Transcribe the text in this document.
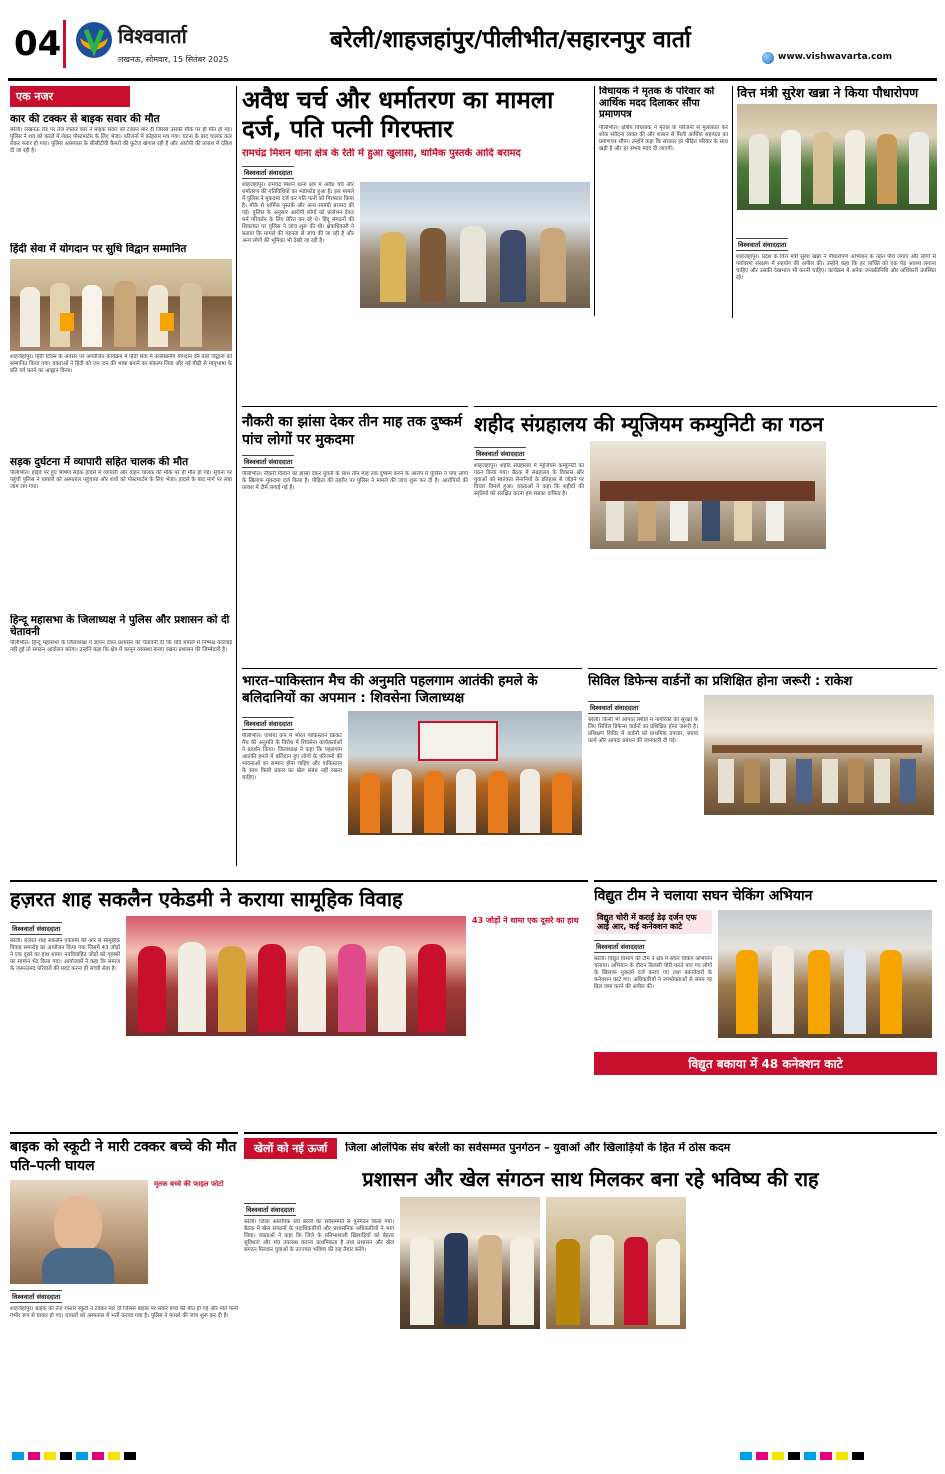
04	विश्ववार्ता
लखनऊ, सोमवार, 15 सितंबर 2025
बरेली/शाहजहांपुर/पीलीभीत/सहारनपुर वार्ता
www.vishwavarta.com
एक नजर
कार की टक्कर से बाइक सवार की मौत
बरेली। लखनऊ रोड पर तेज रफ्तार कार ने बाइक सवार को टक्कर मार दी जिससे उसकी मौके पर ही मौत हो गई। पुलिस ने शव को कब्जे में लेकर पोस्टमार्टम के लिए भेजा। परिजनों में कोहराम मच गया। घटना के बाद चालक कार लेकर फरार हो गया। पुलिस आसपास के सीसीटीवी कैमरों की फुटेज खंगाल रही है और आरोपी की तलाश में दबिश दी जा रही है।
हिंदी सेवा में योगदान पर सुधि विद्वान सम्मानित
शाहजहांपुर। हिंदी दिवस के अवसर पर आयोजित कार्यक्रम में हिंदी सेवा में उल्लेखनीय योगदान देने वाले विद्वानों को सम्मानित किया गया। वक्ताओं ने हिंदी को जन जन की भाषा बनाने का संकल्प लिया और नई पीढ़ी से मातृभाषा के प्रति गर्व करने का आह्वान किया।
सड़क दुर्घटना में व्यापारी सहित चालक की मौत
पीलीभीत। हाईवे पर हुए भीषण सड़क हादसे में व्यापारी और वाहन चालक की मौके पर ही मौत हो गई। सूचना पर पहुंची पुलिस ने घायलों को अस्पताल पहुंचाया और शवों को पोस्टमार्टम के लिए भेजा। हादसे के बाद मार्ग पर लंबा जाम लग गया।
हिन्दू महासभा के जिलाध्यक्ष ने पुलिस और प्रशासन को दी चेतावनी
पीलीभीत। हिन्दू महासभा के जिलाध्यक्ष ने ज्ञापन देकर प्रशासन को चेतावनी दी कि यदि मामले में निष्पक्ष कार्रवाई नहीं हुई तो संगठन आंदोलन करेगा। उन्होंने कहा कि क्षेत्र में कानून व्यवस्था बनाए रखना प्रशासन की जिम्मेदारी है।
अवैध चर्च और धर्मातरण का मामला दर्ज, पति पत्नी गिरफ्तार
रामचंद्र मिशन थाना क्षेत्र के रेती में हुआ खुलासा, धार्मिक पुस्तकें आदि बरामद
विश्ववार्ता संवाददाता
शाहजहांपुर। रामचंद्र मिशन थाना क्षेत्र में अवैध चर्च और धर्मातरण की गतिविधियों का भंडाफोड़ हुआ है। इस मामले में पुलिस ने मुकदमा दर्ज कर पति पत्नी को गिरफ्तार किया है। मौके से धार्मिक पुस्तकें और अन्य सामग्री बरामद की गई। पुलिस के अनुसार आरोपी लोगों को प्रलोभन देकर धर्म परिवर्तन के लिए प्रेरित कर रहे थे। हिंदू संगठनों की शिकायत पर पुलिस ने जांच शुरू की थी। क्षेत्राधिकारी ने बताया कि मामले की गहनता से जांच की जा रही है और अन्य लोगों की भूमिका भी देखी जा रही है।
विधायक ने मृतक के परिवार को आर्थिक मदद दिलाकर सौंपा प्रमाणपत्र
पीलीभीत। क्षेत्रीय विधायक ने मृतक के परिजनों से मुलाकात कर शोक संवेदना व्यक्त की और शासन से मिली आर्थिक सहायता का प्रमाणपत्र सौंपा। उन्होंने कहा कि सरकार हर पीड़ित परिवार के साथ खड़ी है और हर संभव मदद दी जाएगी।
वित्त मंत्री सुरेश खन्ना ने किया पौधारोपण
विश्ववार्ता संवाददाता
शाहजहांपुर। प्रदेश के वित्त मंत्री सुरेश खन्ना ने पौधारोपण अभियान के तहत पौधे लगाए और लोगों से पर्यावरण संरक्षण में सहयोग की अपील की। उन्होंने कहा कि हर व्यक्ति को एक पेड़ अवश्य लगाना चाहिए और उसकी देखभाल भी करनी चाहिए। कार्यक्रम में अनेक जनप्रतिनिधि और अधिकारी उपस्थित रहे।
नौकरी का झांसा देकर तीन माह तक दुष्कर्म पांच लोगों पर मुकदमा
विश्ववार्ता संवाददाता
पीलीभीत। नौकरी दिलाने का झांसा देकर युवती के साथ तीन माह तक दुष्कर्म करने के आरोप में पुलिस ने पांच लोगों के खिलाफ मुकदमा दर्ज किया है। पीड़िता की तहरीर पर पुलिस ने मामले की जांच शुरू कर दी है। आरोपियों की तलाश में टीमें लगाई गई हैं।
शहीद संग्रहालय की म्यूजियम कम्युनिटी का गठन
विश्ववार्ता संवाददाता
शाहजहांपुर। शहीद संग्रहालय में म्यूजियम कम्युनिटी का गठन किया गया। बैठक में संग्रहालय के विकास और युवाओं को स्वतंत्रता सेनानियों के इतिहास से जोड़ने पर विचार विमर्श हुआ। वक्ताओं ने कहा कि शहीदों की स्मृतियों को संरक्षित करना हम सबका दायित्व है।
भारत–पाकिस्तान मैच की अनुमति पहलगाम आतंकी हमले के बलिदानियों का अपमान : शिवसेना जिलाध्यक्ष
विश्ववार्ता संवाददाता
पीलीभीत। एशिया कप में भारत पाकिस्तान क्रिकेट मैच की अनुमति के विरोध में शिवसेना कार्यकर्ताओं ने प्रदर्शन किया। जिलाध्यक्ष ने कहा कि पहलगाम आतंकी हमले में बलिदान हुए लोगों के परिजनों की भावनाओं का सम्मान होना चाहिए और पाकिस्तान के साथ किसी प्रकार का खेल संबंध नहीं रखना चाहिए।
सिविल डिफेन्स वार्डनों का प्रशिक्षित होना जरूरी : राकेश
विश्ववार्ता संवाददाता
बरेली। किसी भी आपात स्थिति में नागरिकों की सुरक्षा के लिए सिविल डिफेन्स वार्डनों का प्रशिक्षित होना जरूरी है। प्रशिक्षण शिविर में वार्डनों को प्राथमिक उपचार, बचाव कार्य और आपदा प्रबंधन की जानकारी दी गई।
हज़रत शाह सकलैन एकेडमी ने कराया सामूहिक विवाह
विश्ववार्ता संवाददाता
बरेली। हज़रत शाह सकलैन एकेडमी की ओर से सामूहिक विवाह समारोह का आयोजन किया गया जिसमें 43 जोड़ों ने एक दूसरे का हाथ थामा। नवविवाहित जोड़ों को गृहस्थी का सामान भेंट किया गया। आयोजकों ने कहा कि समाज के जरूरतमंद परिवारों की मदद करना ही सच्ची सेवा है।
43 जोड़ों ने थामा एक दूसरे का हाथ
विद्युत टीम ने चलाया सघन चेकिंग अभियान
विद्युत चोरी में कराई डेढ़ दर्जन एफ आई आर, कई कनेक्शन काटे
विश्ववार्ता संवाददाता
बरेली। विद्युत विभाग की टीम ने क्षेत्र में सघन चेकिंग अभियान चलाया। अभियान के दौरान बिजली चोरी करते पाए गए लोगों के खिलाफ मुकदमे दर्ज कराए गए तथा बकायेदारों के कनेक्शन काटे गए। अधिकारियों ने उपभोक्ताओं से समय पर बिल जमा करने की अपील की।
विद्युत बकाया में 48 कनेक्शन काटे
बाइक को स्कूटी ने मारी टक्कर बच्चे की मौत पति–पत्नी घायल
मृतक बच्चे की फाइल फोटो
विश्ववार्ता संवाददाता
शाहजहांपुर। बाइक को तेज रफ्तार स्कूटी ने टक्कर मार दी जिससे बाइक पर सवार बच्चे की मौत हो गई और पति पत्नी गंभीर रूप से घायल हो गए। घायलों को अस्पताल में भर्ती कराया गया है। पुलिस ने मामले की जांच शुरू कर दी है।
खेलों को नई ऊर्जा	जिला ओलंपिक संघ बरेली का सर्वसम्मत पुनर्गठन – युवाओं और खिलाड़ियों के हित में ठोस कदम
प्रशासन और खेल संगठन साथ मिलकर बना रहे भविष्य की राह
विश्ववार्ता संवाददाता
बरेली। जिला ओलंपिक संघ बरेली का सर्वसम्मति से पुनर्गठन किया गया। बैठक में खेल संगठनों के पदाधिकारियों और प्रशासनिक अधिकारियों ने भाग लिया। वक्ताओं ने कहा कि जिले के प्रतिभाशाली खिलाड़ियों को बेहतर सुविधाएं और मंच उपलब्ध कराना प्राथमिकता है तथा प्रशासन और खेल संगठन मिलकर युवाओं के उज्ज्वल भविष्य की राह तैयार करेंगे।
